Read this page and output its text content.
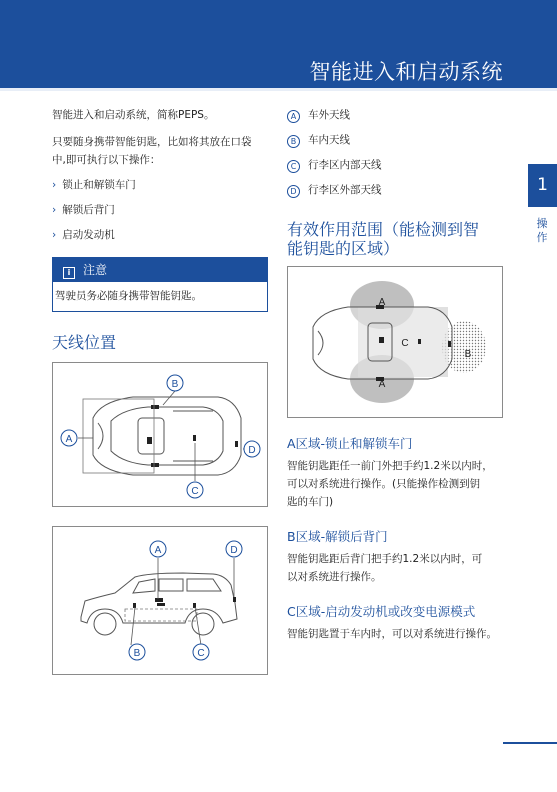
智能进入和启动系统
1
操作
智能进入和启动系统，简称PEPS。
只要随身携带智能钥匙，比如将其放在口袋
中,即可执行以下操作：
› 锁止和解锁车门
› 解锁后背门
› 启动发动机
i 注意
驾驶员务必随身携带智能钥匙。
天线位置
A
B
C
D
A	D
B	C
A 车外天线
B 车内天线
C 行李区内部天线
D 行李区外部天线
有效作用范围（能检测到智
能钥匙的区域）
A
A
B
C
A区域-锁止和解锁车门
智能钥匙距任一前门外把手约1.2米以内时，
可以对系统进行操作。(只能操作检测到钥
匙的车门)
B区域-解锁后背门
智能钥匙距后背门把手约1.2米以内时，可
以对系统进行操作。
C区域-启动发动机或改变电源模式
智能钥匙置于车内时，可以对系统进行操作。
